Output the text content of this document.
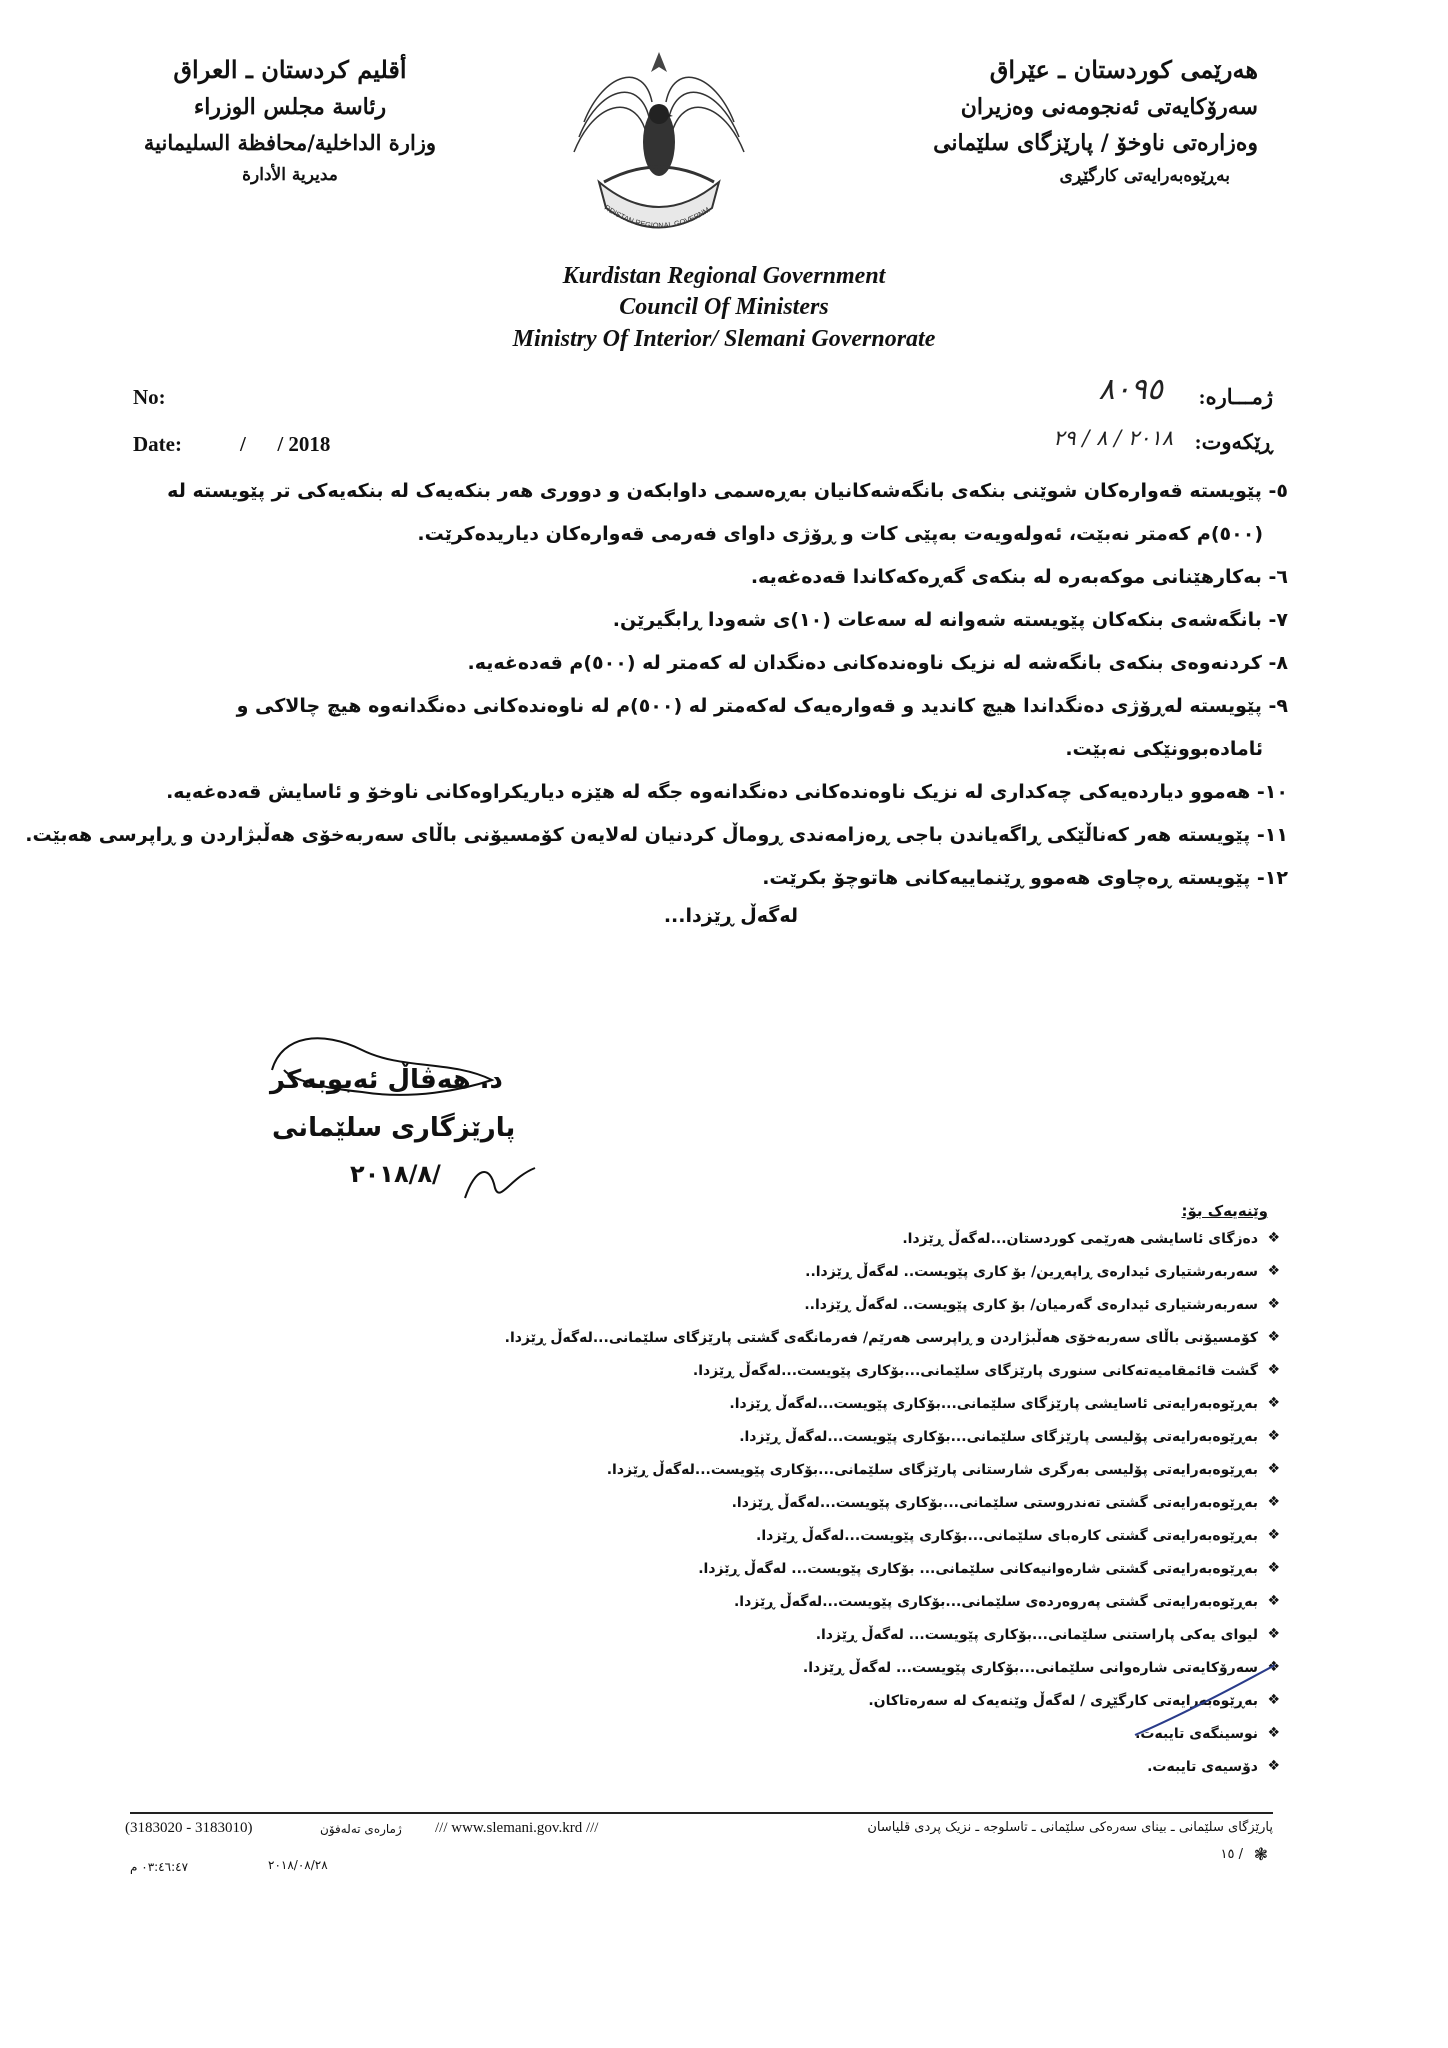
هەرێمی کوردستان ـ عێراق
سەرۆکایەتی ئەنجومەنی وەزیران
وەزارەتی ناوخۆ / پارێزگای سلێمانی
بەڕێوەبەرایەتی کارگێڕی
أقليم كردستان ـ العراق
رئاسة مجلس الوزراء
وزارة الداخلية/محافظة السليمانية
مديرية الأدارة
RDISTAN REGIONAL GOVERNM
Kurdistan Regional Government
Council Of Ministers
Ministry Of Interior/ Slemani Governorate
No:
Date:	/      / 2018
ژمـــارە:
٨٠٩٥
ڕێکەوت:
٢٠١٨ / ٨ / ٢٩
٥- پێویستە قەوارەکان شوێنی بنکەی بانگەشەکانیان بەڕەسمی داوابکەن و دووری هەر بنکەیەک لە بنکەیەکی تر پێویستە لە
(٥٠٠)م کەمتر نەبێت، ئەولەویەت بەپێی کات و ڕۆژی داوای فەرمی قەوارەکان دیاریدەکرێت.
٦- بەکارهێنانی موکەبەرە لە بنکەی گەڕەکەکاندا قەدەغەیە.
٧- بانگەشەی بنکەکان پێویستە شەوانە لە سەعات (١٠)ی شەودا ڕابگیرێن.
٨- کردنەوەی بنکەی بانگەشە لە نزیک ناوەندەکانی دەنگدان لە کەمتر لە (٥٠٠)م قەدەغەیە.
٩- پێویستە لەڕۆژی دەنگداندا هیچ کاندید و قەوارەیەک لەکەمتر لە (٥٠٠)م لە ناوەندەکانی دەنگدانەوە هیچ چالاکی و
ئامادەبوونێکی نەبێت.
١٠- هەموو دیاردەیەکی چەکداری لە نزیک ناوەندەکانی دەنگدانەوە جگە لە هێزە دیاریکراوەکانی ناوخۆ و ئاسایش قەدەغەیە.
١١- پێویستە هەر کەناڵێکی ڕاگەیاندن باجی ڕەزامەندی ڕوماڵ کردنیان لەلایەن کۆمسیۆنی باڵای سەربەخۆی هەڵبژاردن و ڕاپرسی هەبێت.
١٢- پێویستە ڕەچاوی هەموو ڕێنماییەکانی هاتوچۆ بکرێت.
لەگەڵ ڕێزدا...
د. هەڤاڵ ئەبوبەکر
پارێزگاری سلێمانی
٢٠١٨/٨/
وێنەیەک بۆ:
❖
دەزگای ئاسایشی هەرێمی کوردستان...لەگەڵ ڕێزدا.
❖
سەربەرشتیاری ئیدارەی ڕاپەڕین/ بۆ کاری پێویست.. لەگەڵ ڕێزدا..
❖
سەربەرشتیاری ئیدارەی گەرمیان/ بۆ کاری پێویست.. لەگەڵ ڕێزدا..
❖
کۆمسیۆنی باڵای سەربەخۆی هەڵبژاردن و ڕاپرسی هەرێم/ فەرمانگەی گشتی پارێزگای سلێمانی...لەگەڵ ڕێزدا.
❖
گشت قائمقامیەتەکانی سنوری پارێزگای سلێمانی...بۆکاری پێویست...لەگەڵ ڕێزدا.
❖
بەڕێوەبەرایەتی ئاسایشی پارێزگای سلێمانی...بۆکاری پێویست...لەگەڵ ڕێزدا.
❖
بەڕێوەبەرایەتی پۆلیسی پارێزگای سلێمانی...بۆکاری پێویست...لەگەڵ ڕێزدا.
❖
بەڕێوەبەرایەتی پۆلیسی بەرگری شارستانی پارێزگای سلێمانی...بۆکاری پێویست...لەگەڵ ڕێزدا.
❖
بەڕێوەبەرایەتی گشتی تەندروستی سلێمانی...بۆکاری پێویست...لەگەڵ ڕێزدا.
❖
بەڕێوەبەرایەتی گشتی کارەبای سلێمانی...بۆکاری پێویست...لەگەڵ ڕێزدا.
❖
بەڕێوەبەرایەتی گشتی شارەوانیەکانی سلێمانی... بۆکاری پێویست... لەگەڵ ڕێزدا.
❖
بەڕێوەبەرایەتی گشتی پەروەردەی سلێمانی...بۆکاری پێویست...لەگەڵ ڕێزدا.
❖
لیوای یەکی پاراستنی سلێمانی...بۆکاری پێویست... لەگەڵ ڕێزدا.
❖
سەرۆکایەتی شارەوانی سلێمانی...بۆکاری پێویست... لەگەڵ ڕێزدا.
❖
بەڕێوەبەرایەتی کارگێڕی / لەگەڵ وێنەیەک لە سەرەتاکان.
❖
نوسینگەی تایبەت.
❖
دۆسیەی تایبەت.
پارێزگای سلێمانی ـ بینای سەرەکی سلێمانی ـ تاسلوجە ـ نزیک پردی قلیاسان
/// www.slemani.gov.krd ///
ژمارەی تەلەفۆن
(3183020 - 3183010)
❃
١٥ /
٢٠١٨/٠٨/٢٨
٠٣:٤٦:٤٧ م
